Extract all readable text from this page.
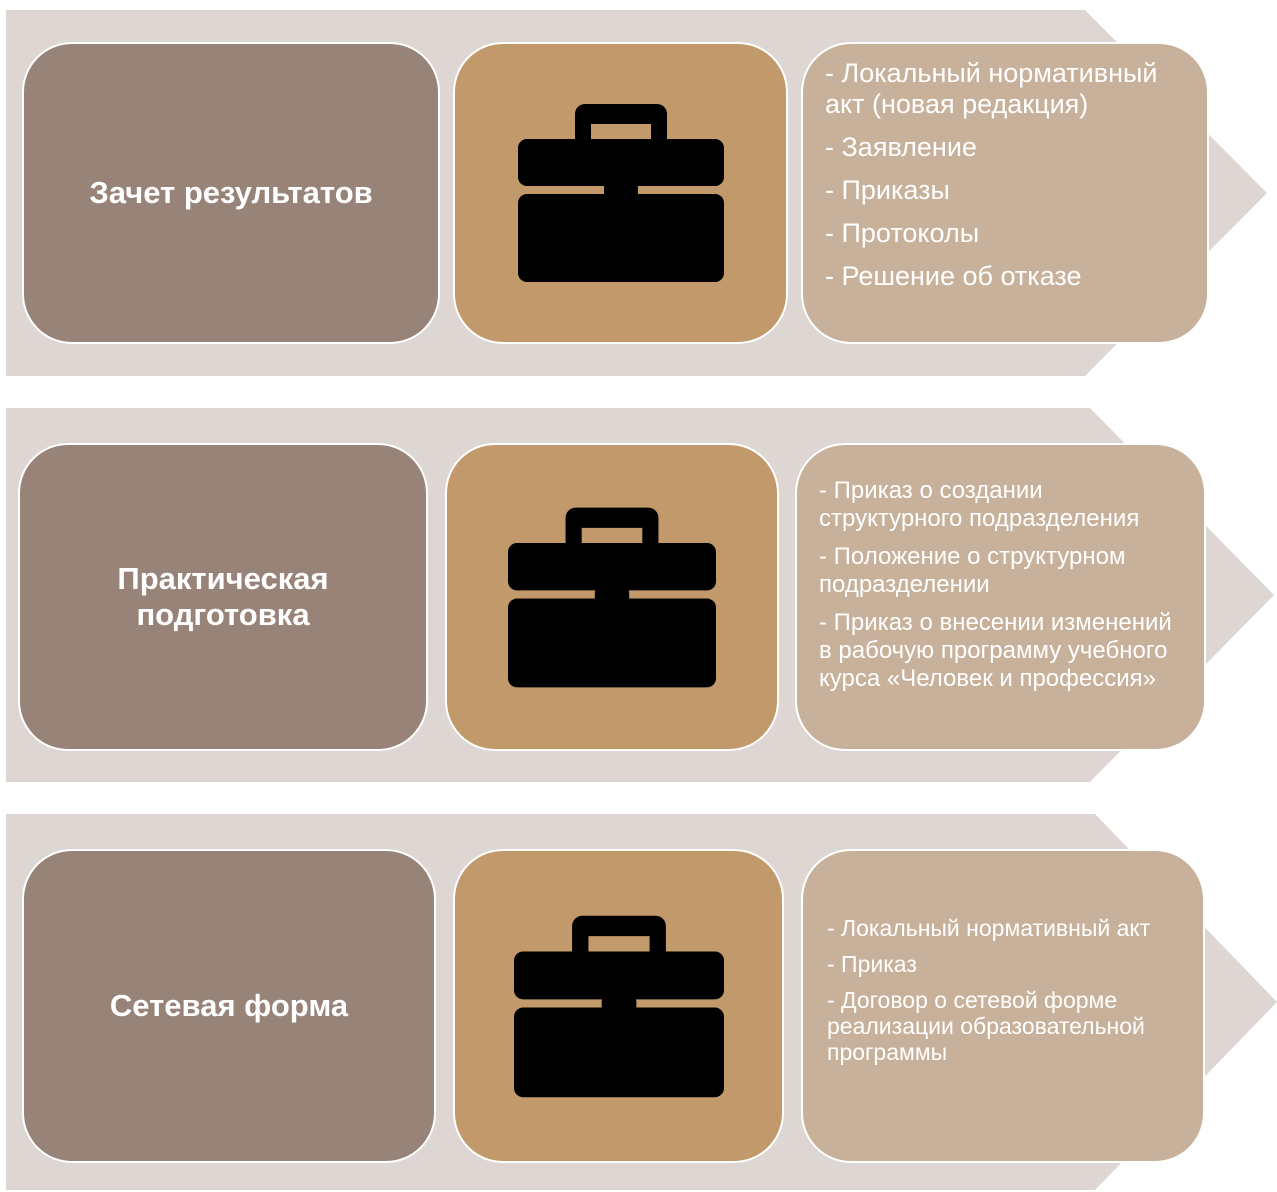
Зачет результатов
- Локальный нормативный акт (новая редакция)
- Заявление
- Приказы
- Протоколы
- Решение об отказе
Практическая подготовка
- Приказ о создании структурного подразделения
- Положение о структурном подразделении
- Приказ о внесении изменений в рабочую программу учебного курса «Человек и профессия»
Сетевая форма
- Локальный нормативный акт
- Приказ
- Договор о сетевой форме реализации образовательной программы
